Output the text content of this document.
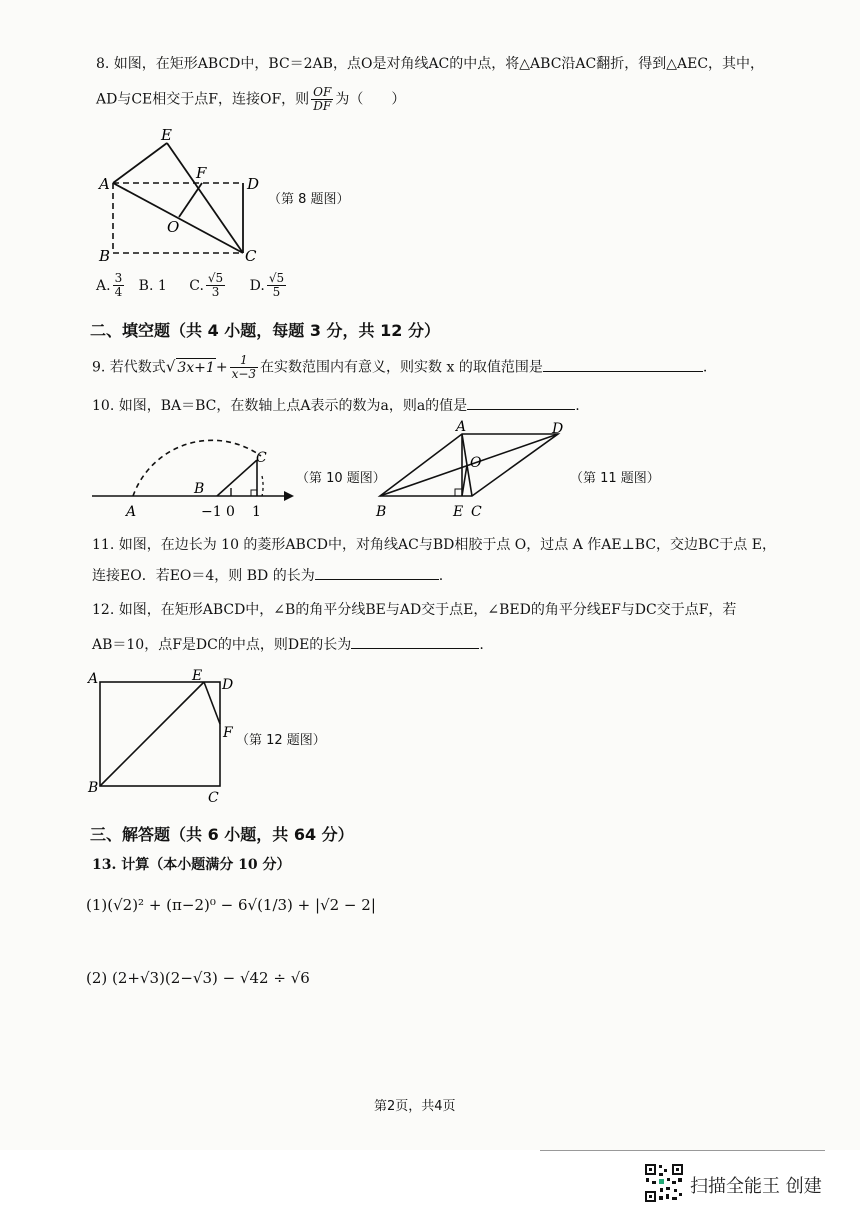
8. 如图，在矩形ABCD中，BC＝2AB，点O是对角线AC的中点，将△ABC沿AC翻折，得到△AEC，其中，
AD与CE相交于点F，连接OF，则 $\frac{OF}{DF}$ 为（　　）
E
A
F
D
O
B	C
（第 8 题图）
A. $\frac{3}{4} B$. 1 C. $\frac{√5}{3} D$. $\frac{√5}{5}$
二、填空题（共 4 小题，每题 3 分，共 12 分）
9. 若代数式√ $3x+1+ \frac{1}{x-3}$ 在实数范围内有意义，则实数 x 的取值范围是	.
10. 如图，BA＝BC，在数轴上点A表示的数为a，则a的值是	.
C
B
A	−1 0 1
（第 10 题图）
A	D
O
B	E C
（第 11 题图）
11. 如图，在边长为 10 的菱形ABCD中，对角线AC与BD相胶于点 O，过点 A 作AE⊥BC，交边BC于点 E，
连接EO．若EO＝4，则 BD 的长为	.
12. 如图，在矩形ABCD中，∠B的角平分线BE与AD交于点E，∠BED的角平分线EF与DC交于点F，若
AB＝10，点F是DC的中点，则DE的长为	.
A	E
D
F
B
C
（第 12 题图）
三、解答题（共 6 小题，共 64 分）
13. 计算（本小题满分 10 分）
(1)(√2)² + (π−2)⁰ − 6√(1/3) + |√2 − 2|
(2) (2+√3)(2−√3) − √42 ÷ √6
第2页，共4页
扫描全能王 创建
